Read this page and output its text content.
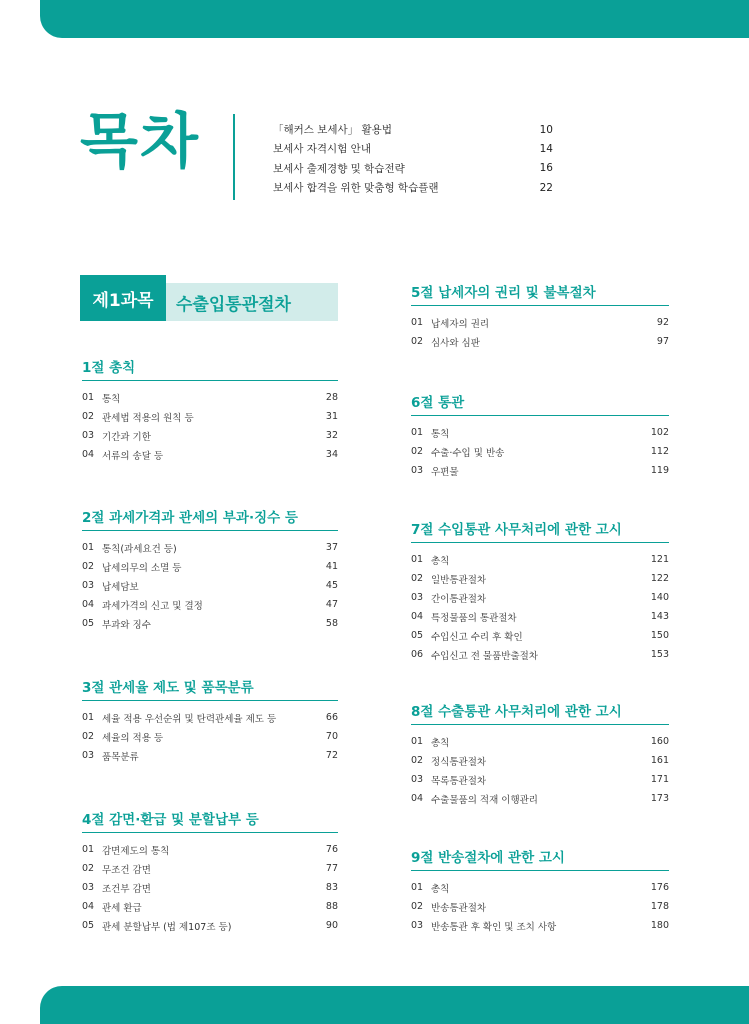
목차	「해커스 보세사」 활용법	10
보세사 자격시험 안내	14
보세사 출제경향 및 학습전략	16
보세사 합격을 위한 맞춤형 학습플랜	22
제1과목	수출입통관절차
1절 총칙
01 통칙	28
02 관세법 적용의 원칙 등	31
03 기간과 기한	32
04 서류의 송달 등	34
2절 과세가격과 관세의 부과·징수 등
01 통칙(과세요건 등)	37
02 납세의무의 소멸 등	41
03 납세담보	45
04 과세가격의 신고 및 결정	47
05 부과와 징수	58
3절 관세율 제도 및 품목분류
01 세율 적용 우선순위 및 탄력관세율 제도 등	66
02 세율의 적용 등	70
03 품목분류	72
4절 감면·환급 및 분할납부 등
01 감면제도의 통칙	76
02 무조건 감면	77
03 조건부 감면	83
04 관세 환급	88
05 관세 분할납부 (법 제107조 등)	90
5절 납세자의 권리 및 불복절차
01 납세자의 권리	92
02 심사와 심판	97
6절 통관
01 통칙	102
02 수출·수입 및 반송	112
03 우편물	119
7절 수입통관 사무처리에 관한 고시
01 총칙	121
02 일반통관절차	122
03 간이통관절차	140
04 특정물품의 통관절차	143
05 수입신고 수리 후 확인	150
06 수입신고 전 물품반출절차	153
8절 수출통관 사무처리에 관한 고시
01 총칙	160
02 정식통관절차	161
03 목록통관절차	171
04 수출물품의 적재 이행관리	173
9절 반송절차에 관한 고시
01 총칙	176
02 반송통관절차	178
03 반송통관 후 확인 및 조치 사항	180
